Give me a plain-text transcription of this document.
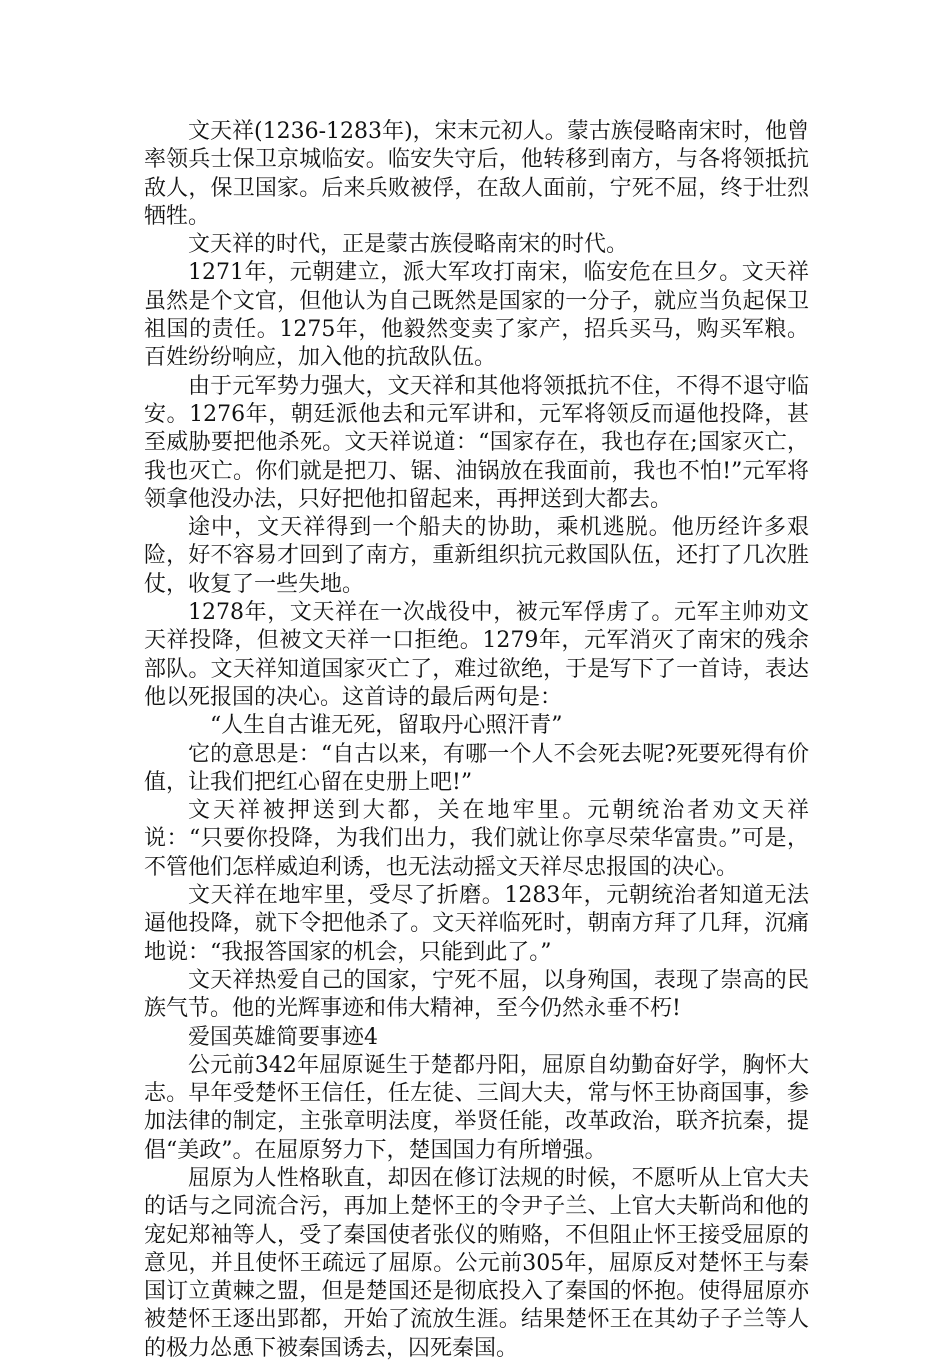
文天祥(1236-1283年)，宋末元初人。蒙古族侵略南宋时，他曾率领兵士保卫京城临安。临安失守后，他转移到南方，与各将领抵抗敌人，保卫国家。后来兵败被俘，在敌人面前，宁死不屈，终于壮烈牺牲。

文天祥的时代，正是蒙古族侵略南宋的时代。

1271年，元朝建立，派大军攻打南宋，临安危在旦夕。文天祥虽然是个文官，但他认为自己既然是国家的一分子，就应当负起保卫祖国的责任。1275年，他毅然变卖了家产，招兵买马，购买军粮。百姓纷纷响应，加入他的抗敌队伍。

由于元军势力强大，文天祥和其他将领抵抗不住，不得不退守临安。1276年，朝廷派他去和元军讲和，元军将领反而逼他投降，甚至威胁要把他杀死。文天祥说道：“国家存在，我也存在;国家灭亡，我也灭亡。你们就是把刀、锯、油锅放在我面前，我也不怕!”元军将领拿他没办法，只好把他扣留起来，再押送到大都去。

途中，文天祥得到一个船夫的协助，乘机逃脱。他历经许多艰险，好不容易才回到了南方，重新组织抗元救国队伍，还打了几次胜仗，收复了一些失地。

1278年，文天祥在一次战役中，被元军俘虏了。元军主帅劝文天祥投降，但被文天祥一口拒绝。1279年，元军消灭了南宋的残余部队。文天祥知道国家灭亡了，难过欲绝，于是写下了一首诗，表达他以死报国的决心。这首诗的最后两句是：

“人生自古谁无死，留取丹心照汗青”

它的意思是：“自古以来，有哪一个人不会死去呢?死要死得有价值，让我们把红心留在史册上吧!”

文天祥被押送到大都，关在地牢里。元朝统治者劝文天祥说：“只要你投降，为我们出力，我们就让你享尽荣华富贵。”可是，不管他们怎样威迫利诱，也无法动摇文天祥尽忠报国的决心。

文天祥在地牢里，受尽了折磨。1283年，元朝统治者知道无法逼他投降，就下令把他杀了。文天祥临死时，朝南方拜了几拜，沉痛地说：“我报答国家的机会，只能到此了。”

文天祥热爱自己的国家，宁死不屈，以身殉国，表现了崇高的民族气节。他的光辉事迹和伟大精神，至今仍然永垂不朽!

爱国英雄简要事迹4

公元前342年屈原诞生于楚都丹阳，屈原自幼勤奋好学，胸怀大志。早年受楚怀王信任，任左徒、三闾大夫，常与怀王协商国事，参加法律的制定，主张章明法度，举贤任能，改革政治，联齐抗秦，提倡“美政”。在屈原努力下，楚国国力有所增强。

屈原为人性格耿直，却因在修订法规的时候，不愿听从上官大夫的话与之同流合污，再加上楚怀王的令尹子兰、上官大夫靳尚和他的宠妃郑袖等人，受了秦国使者张仪的贿赂，不但阻止怀王接受屈原的意见，并且使怀王疏远了屈原。公元前305年，屈原反对楚怀王与秦国订立黄棘之盟，但是楚国还是彻底投入了秦国的怀抱。使得屈原亦被楚怀王逐出郢都，开始了流放生涯。结果楚怀王在其幼子子兰等人的极力怂恿下被秦国诱去，囚死秦国。
